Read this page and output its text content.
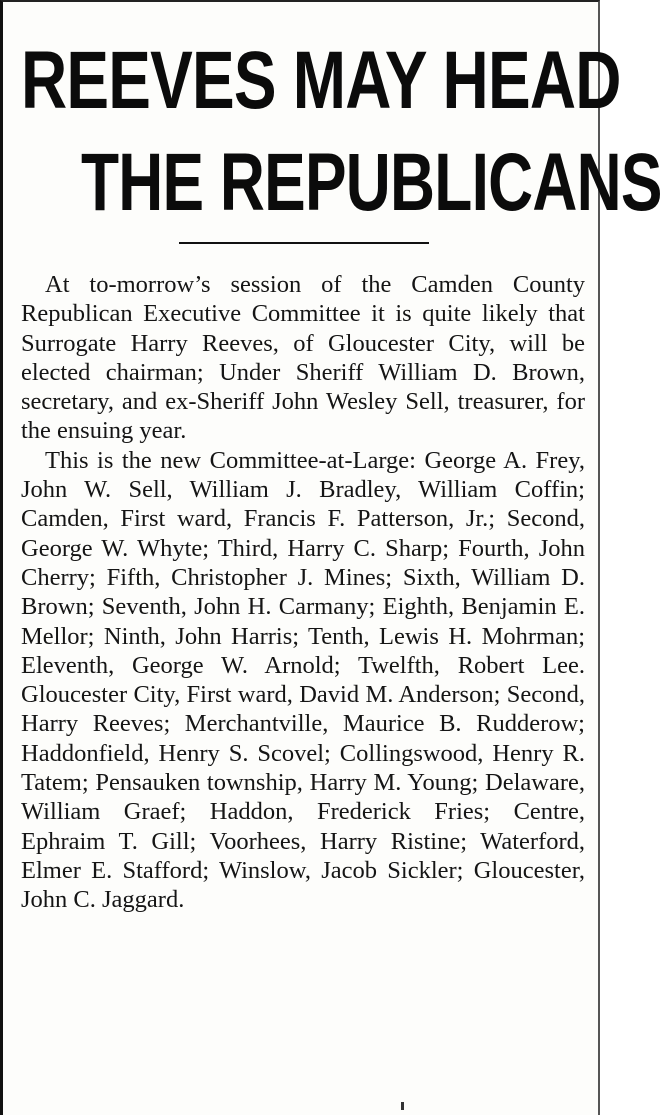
REEVES MAY HEAD
THE REPUBLICANS

At to-morrow’s session of the Camden County Republican Executive Committee it is quite likely that Surrogate Harry Reeves, of Gloucester City, will be elected chairman; Under Sheriff William D. Brown, secretary, and ex-Sheriff John Wesley Sell, treasurer, for the ensuing year.

This is the new Committee-at-Large: George A. Frey, John W. Sell, William J. Bradley, William Coffin; Camden, First ward, Francis F. Patterson, Jr.; Second, George W. Whyte; Third, Harry C. Sharp; Fourth, John Cherry; Fifth, Christopher J. Mines; Sixth, William D. Brown; Seventh, John H. Carmany; Eighth, Benjamin E. Mellor; Ninth, John Harris; Tenth, Lewis H. Mohrman; Eleventh, George W. Arnold; Twelfth, Robert Lee. Gloucester City, First ward, David M. Anderson; Second, Harry Reeves; Merchantville, Maurice B. Rudderow; Haddonfield, Henry S. Scovel; Collingswood, Henry R. Tatem; Pensauken township, Harry M. Young; Delaware, William Graef; Haddon, Frederick Fries; Centre, Ephraim T. Gill; Voorhees, Harry Ristine; Waterford, Elmer E. Stafford; Winslow, Jacob Sickler; Gloucester, John C. Jaggard.
